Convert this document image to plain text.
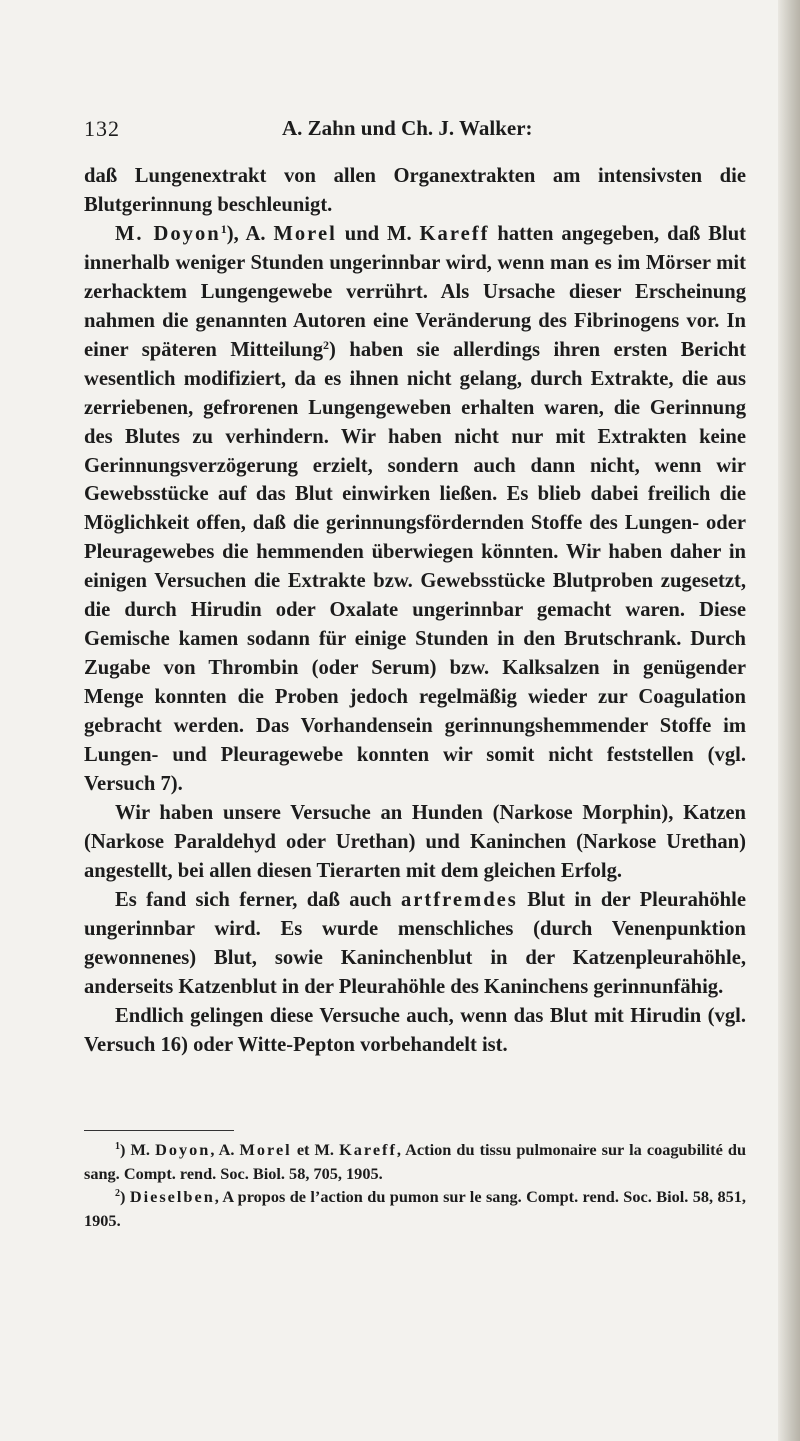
132	A. Zahn und Ch. J. Walker:

daß Lungenextrakt von allen Organextrakten am intensivsten die Blutgerinnung beschleunigt.

M. Doyon$^1$), A. Morel und M. Kareff hatten angegeben, daß Blut innerhalb weniger Stunden ungerinnbar wird, wenn man es im Mörser mit zerhacktem Lungengewebe verrührt. Als Ursache dieser Erscheinung nahmen die genannten Autoren eine Veränderung des Fibrinogens vor. In einer späteren Mitteilung$^2$) haben sie allerdings ihren ersten Bericht wesentlich modifiziert, da es ihnen nicht gelang, durch Extrakte, die aus zerriebenen, gefrorenen Lungengeweben erhalten waren, die Gerinnung des Blutes zu verhindern. Wir haben nicht nur mit Extrakten keine Gerinnungsverzögerung erzielt, sondern auch dann nicht, wenn wir Gewebsstücke auf das Blut einwirken ließen. Es blieb dabei freilich die Möglichkeit offen, daß die gerinnungsfördernden Stoffe des Lungen- oder Pleuragewebes die hemmenden überwiegen könnten. Wir haben daher in einigen Versuchen die Extrakte bzw. Gewebsstücke Blutproben zugesetzt, die durch Hirudin oder Oxalate ungerinnbar gemacht waren. Diese Gemische kamen sodann für einige Stunden in den Brutschrank. Durch Zugabe von Thrombin (oder Serum) bzw. Kalksalzen in genügender Menge konnten die Proben jedoch regelmäßig wieder zur Coagulation gebracht werden. Das Vorhandensein gerinnungshemmender Stoffe im Lungen- und Pleuragewebe konnten wir somit nicht feststellen (vgl. Versuch 7).

Wir haben unsere Versuche an Hunden (Narkose Morphin), Katzen (Narkose Paraldehyd oder Urethan) und Kaninchen (Narkose Urethan) angestellt, bei allen diesen Tierarten mit dem gleichen Erfolg.

Es fand sich ferner, daß auch artfremdes Blut in der Pleurahöhle ungerinnbar wird. Es wurde menschliches (durch Venenpunktion gewonnenes) Blut, sowie Kaninchenblut in der Katzenpleurahöhle, anderseits Katzenblut in der Pleurahöhle des Kaninchens gerinnunfähig.

Endlich gelingen diese Versuche auch, wenn das Blut mit Hirudin (vgl. Versuch 16) oder Witte-Pepton vorbehandelt ist.

$^1$) M. Doyon, A. Morel et M. Kareff, Action du tissu pulmonaire sur la coagubilité du sang. Compt. rend. Soc. Biol. 58, 705, 1905.

$^2$) Dieselben, A propos de l’action du pumon sur le sang. Compt. rend. Soc. Biol. 58, 851, 1905.
